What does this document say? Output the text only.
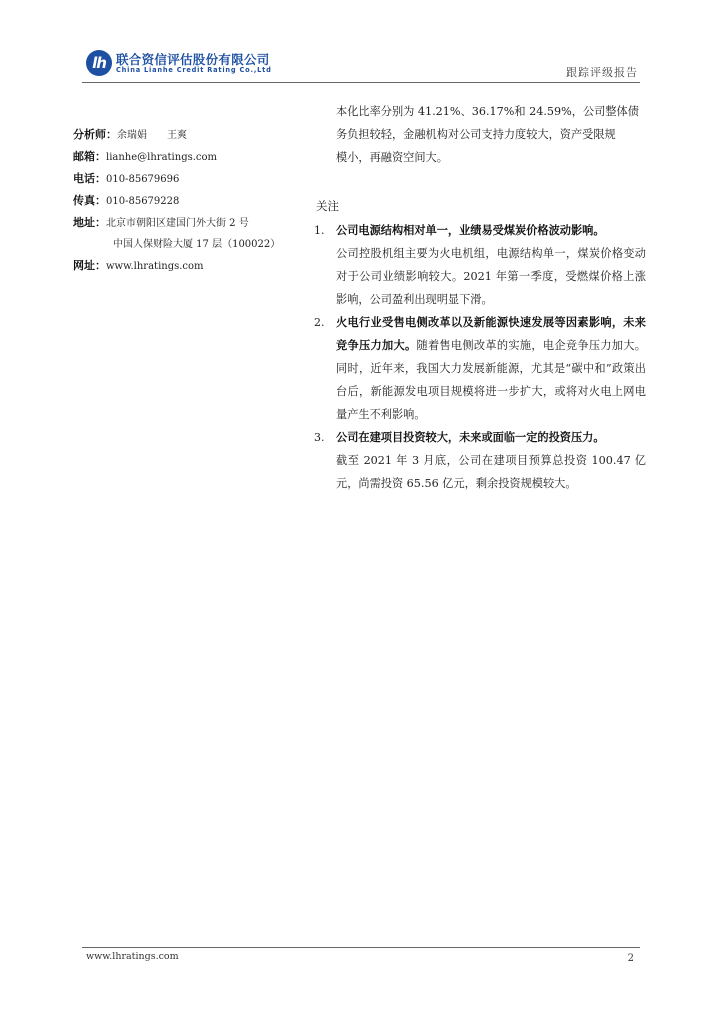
lh 联合资信评估股份有限公司
China Lianhe Credit Rating Co.,Ltd	跟踪评级报告
分析师：余瑞娟　　王爽
邮箱：lianhe@lhratings.com
电话：010-85679696
传真：010-85679228
地址：北京市朝阳区建国门外大街 2 号
中国人保财险大厦 17 层（100022）
网址：www.lhratings.com

本化比率分别为 41.21%、36.17%和 24.59%，公司整体债

务负担较轻，金融机构对公司支持力度较大，资产受限规

模小，再融资空间大。

关注
1. 公司电源结构相对单一，业绩易受煤炭价格波动影响。
公司控股机组主要为火电机组，电源结构单一，煤炭价格变动对于公司业绩影响较大。2021 年第一季度，受燃煤价格上涨影响，公司盈利出现明显下滑。
2. 火电行业受售电侧改革以及新能源快速发展等因素影响，未来竞争压力加大。随着售电侧改革的实施，电企竞争压力加大。同时，近年来，我国大力发展新能源，尤其是“碳中和”政策出台后，新能源发电项目规模将进一步扩大，或将对火电上网电量产生不利影响。
3. 公司在建项目投资较大，未来或面临一定的投资压力。
截至 2021 年 3 月底，公司在建项目预算总投资 100.47 亿元，尚需投资 65.56 亿元，剩余投资规模较大。
www.lhratings.com	2
